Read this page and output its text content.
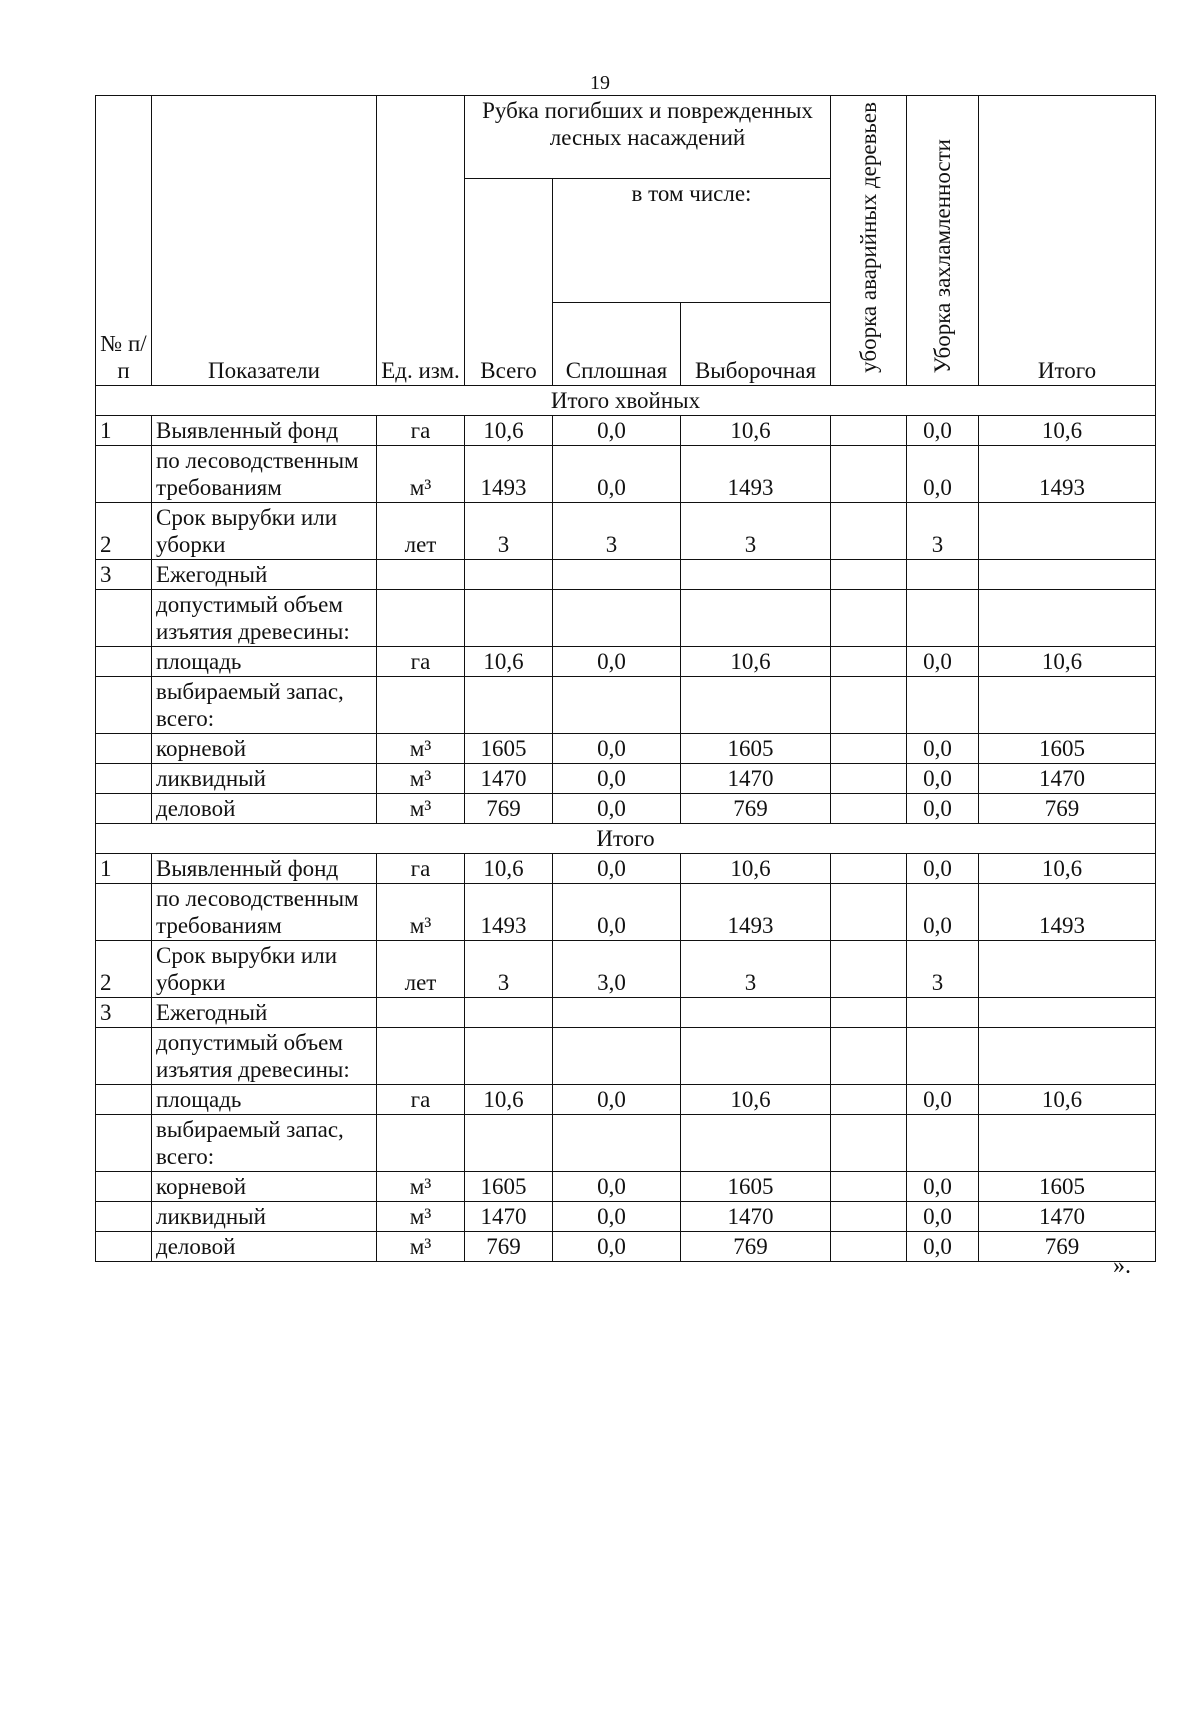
19
№ п/п	Показатели	Ед. изм.	Рубка погибших и поврежденных лесных насаждений			уборка аварийных деревьев	Уборка захламленности	Итого
			Всего	в том числе:				
				Сплошная	Выборочная			
Итого хвойных								
1	Выявленный фонд	га	10,6	0,0	10,6		0,0	10,6
	по лесоводственным требованиям	м³	1493	0,0	1493		0,0	1493
2	Срок вырубки или уборки	лет	3	3	3		3	
3	Ежегодный							
	допустимый объем изъятия древесины:							
	площадь	га	10,6	0,0	10,6		0,0	10,6
	выбираемый запас, всего:							
	корневой	м³	1605	0,0	1605		0,0	1605
	ликвидный	м³	1470	0,0	1470		0,0	1470
	деловой	м³	769	0,0	769		0,0	769
Итого								
1	Выявленный фонд	га	10,6	0,0	10,6		0,0	10,6
	по лесоводственным требованиям	м³	1493	0,0	1493		0,0	1493
2	Срок вырубки или уборки	лет	3	3,0	3		3	
3	Ежегодный							
	допустимый объем изъятия древесины:							
	площадь	га	10,6	0,0	10,6		0,0	10,6
	выбираемый запас, всего:							
	корневой	м³	1605	0,0	1605		0,0	1605
	ликвидный	м³	1470	0,0	1470		0,0	1470
	деловой	м³	769	0,0	769		0,0	769
».
